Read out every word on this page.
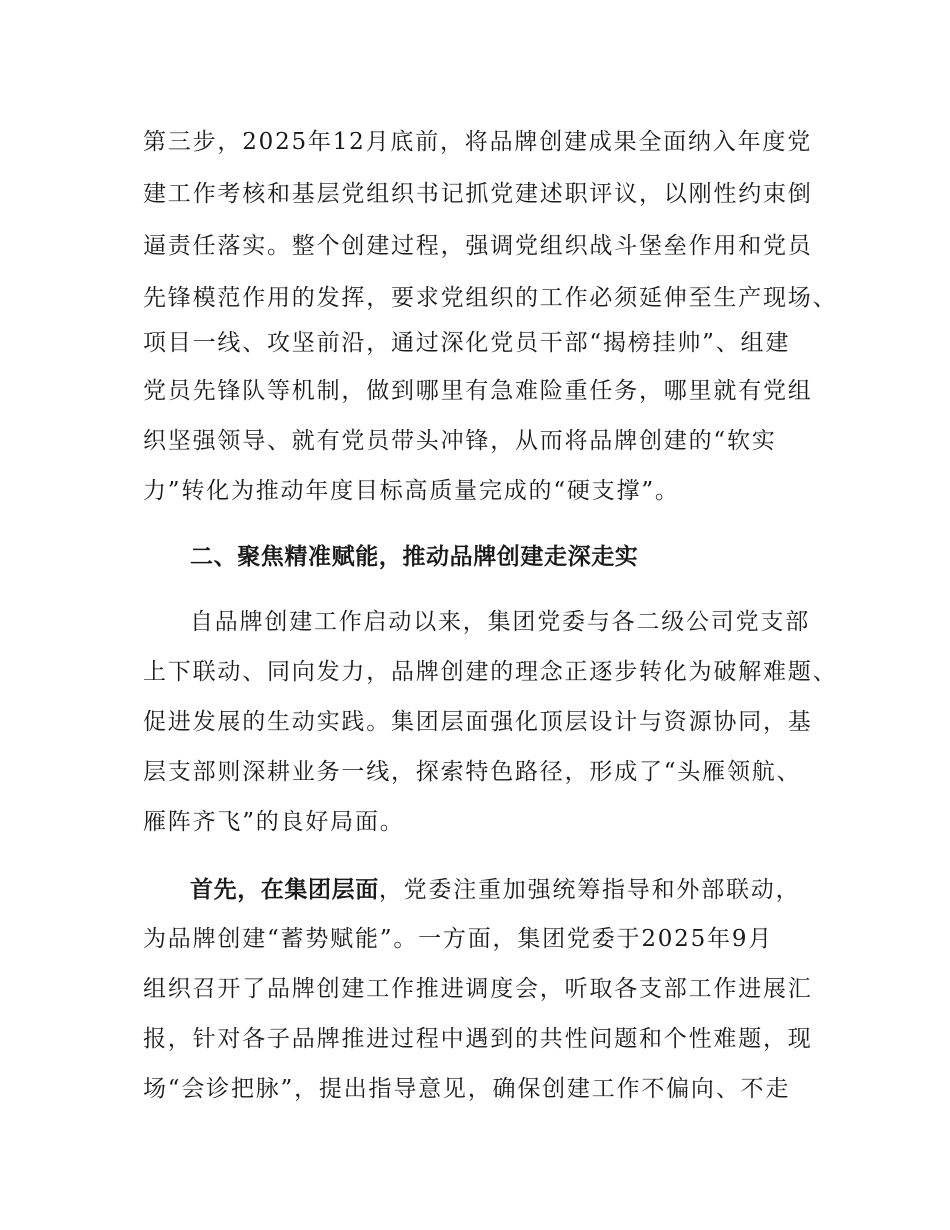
第三步，2025年12月底前，将品牌创建成果全面纳入年度党
建工作考核和基层党组织书记抓党建述职评议，以刚性约束倒
逼责任落实。整个创建过程，强调党组织战斗堡垒作用和党员
先锋模范作用的发挥，要求党组织的工作必须延伸至生产现场、
项目一线、攻坚前沿，通过深化党员干部“揭榜挂帅”、组建
党员先锋队等机制，做到哪里有急难险重任务，哪里就有党组
织坚强领导、就有党员带头冲锋，从而将品牌创建的“软实
力”转化为推动年度目标高质量完成的“硬支撑”。
二、聚焦精准赋能，推动品牌创建走深走实
自品牌创建工作启动以来，集团党委与各二级公司党支部
上下联动、同向发力，品牌创建的理念正逐步转化为破解难题、
促进发展的生动实践。集团层面强化顶层设计与资源协同，基
层支部则深耕业务一线，探索特色路径，形成了“头雁领航、
雁阵齐飞”的良好局面。
首先，在集团层面，党委注重加强统筹指导和外部联动，
为品牌创建“蓄势赋能”。一方面，集团党委于2025年9月
组织召开了品牌创建工作推进调度会，听取各支部工作进展汇
报，针对各子品牌推进过程中遇到的共性问题和个性难题，现
场“会诊把脉”，提出指导意见，确保创建工作不偏向、不走
